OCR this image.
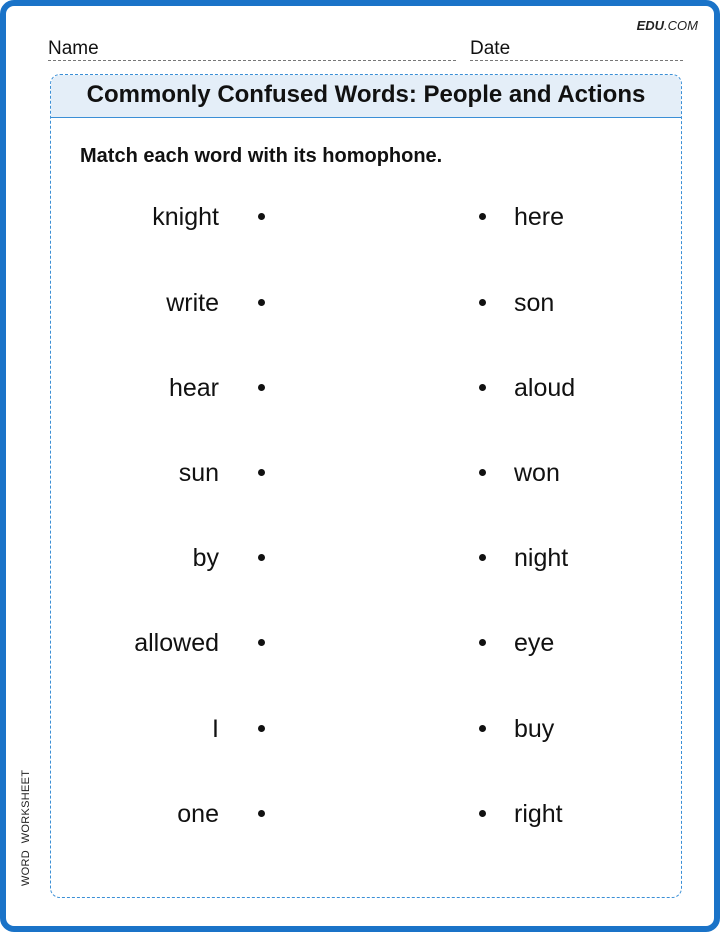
EDU.COM
Name	Date
Commonly Confused Words: People and Actions
Match each word with its homophone.
knight	here
write	son
hear	aloud
sun	won
by	night
allowed	eye
I	buy
one	right
WORD  WORKSHEET
